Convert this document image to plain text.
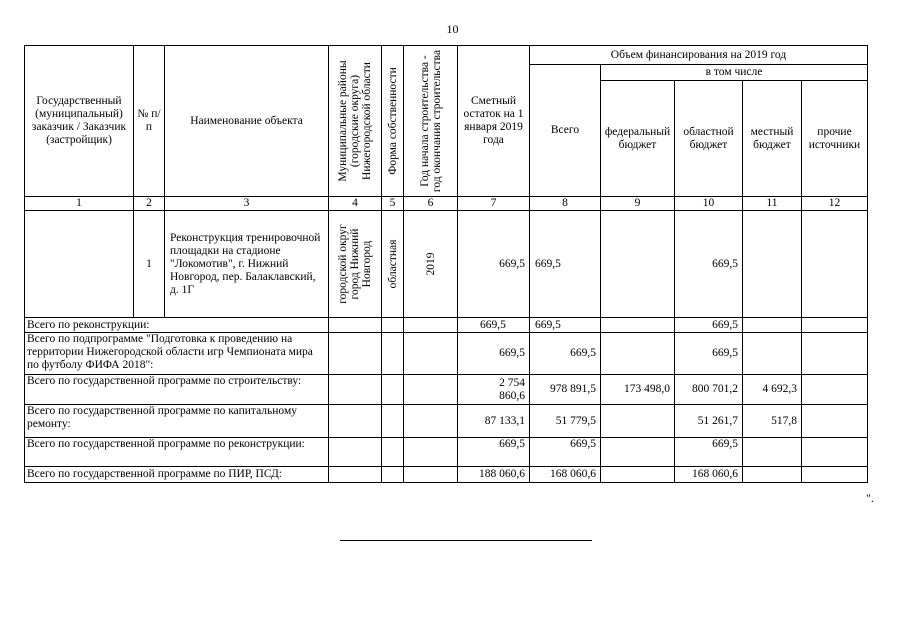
10
Государственный (муниципальный) заказчик / Заказчик (застройщик)	№ п/п	Наименование объекта	Муниципальные районы (городские округа) Нижегородской области	Форма собственности	Год начала строительства - год окончания строительства	Сметный остаток на 1 января 2019 года	Объем финансирования на 2019 год				
							Всего	в том числе			
								федеральный бюджет	областной бюджет	местный бюджет	прочие источники
1	2	3	4	5	6	7	8	9	10	11	12
	1	Реконструкция тренировочной площадки на стадионе "Локомотив", г. Нижний Новгород, пер. Балаклавский, д. 1Г	городской округ город Нижний Новгород	областная	2019	669,5	669,5		669,5		
Всего по реконструкции:						669,5	669,5		669,5		
Всего по подпрограмме "Подготовка к проведению на территории Нижегородской области игр Чемпионата мира по футболу ФИФА 2018":						669,5	669,5		669,5		
Всего по государственной программе по строительству:						2 754 860,6	978 891,5	173 498,0	800 701,2	4 692,3	
Всего по государственной программе по капитальному ремонту:						87 133,1	51 779,5		51 261,7	517,8	
Всего по государственной программе по реконструкции:						669,5	669,5		669,5		
Всего по государственной программе по ПИР, ПСД:						188 060,6	168 060,6		168 060,6		
".
